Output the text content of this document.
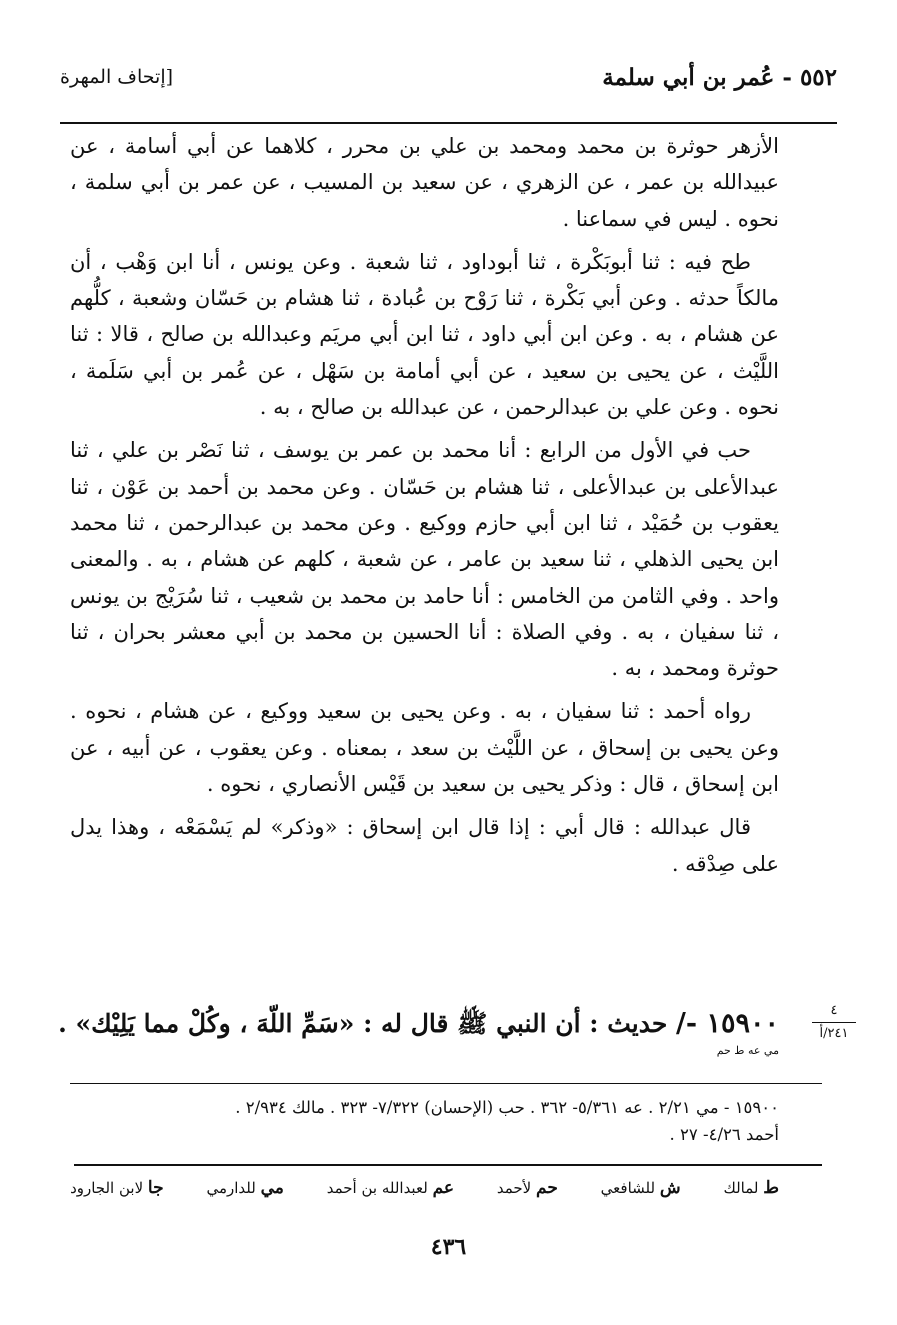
٥٥٢ - عُمر بن أبي سلمة
[إتحاف المهرة

الأزهر حوثرة بن محمد ومحمد بن علي بن محرر ، كلاهما عن أبي أسامة ، عن عبيدالله بن عمر ، عن الزهري ، عن سعيد بن المسيب ، عن عمر بن أبي سلمة ، نحوه . ليس في سماعنا .

طح فيه : ثنا أبوبَكْرة ، ثنا أبوداود ، ثنا شعبة . وعن يونس ، أنا ابن وَهْب ، أن مالكاً حدثه . وعن أبي بَكْرة ، ثنا رَوْح بن عُبادة ، ثنا هشام بن حَسّان وشعبة ، كلُّهم عن هشام ، به . وعن ابن أبي داود ، ثنا ابن أبي مريَم وعبدالله بن صالح ، قالا : ثنا اللَّيْث ، عن يحيى بن سعيد ، عن أبي أمامة بن سَهْل ، عن عُمر بن أبي سَلَمة ، نحوه . وعن علي بن عبدالرحمن ، عن عبدالله بن صالح ، به .

حب في الأول من الرابع : أنا محمد بن عمر بن يوسف ، ثنا نَصْر بن علي ، ثنا عبدالأعلى بن عبدالأعلى ، ثنا هشام بن حَسّان . وعن محمد بن أحمد بن عَوْن ، ثنا يعقوب بن حُمَيْد ، ثنا ابن أبي حازم ووكيع . وعن محمد بن عبدالرحمن ، ثنا محمد ابن يحيى الذهلي ، ثنا سعيد بن عامر ، عن شعبة ، كلهم عن هشام ، به . والمعنى واحد . وفي الثامن من الخامس : أنا حامد بن محمد بن شعيب ، ثنا سُرَيْج بن يونس ، ثنا سفيان ، به . وفي الصلاة : أنا الحسين بن محمد بن أبي معشر بحران ، ثنا حوثرة ومحمد ، به .

رواه أحمد : ثنا سفيان ، به . وعن يحيى بن سعيد ووكيع ، عن هشام ، نحوه . وعن يحيى بن إسحاق ، عن اللَّيْث بن سعد ، بمعناه . وعن يعقوب ، عن أبيه ، عن ابن إسحاق ، قال : وذكر يحيى بن سعيد بن قَيْس الأنصاري ، نحوه .

قال عبدالله : قال أبي : إذا قال ابن إسحاق : «وذكر» لم يَسْمَعْه ، وهذا يدل على صِدْقه .

١٥٩٠٠ -/ حديث : أن النبي ﷺ قال له : «سَمِّ اللّهَ ، وكُلْ مما يَلِيْك» .
مي عه ط حم
٤
٢٤١/أ
١٥٩٠٠ - مي ٢/٢١ . عه ٥/٣٦١- ٣٦٢ . حب (الإحسان) ٧/٣٢٢- ٣٢٣ . مالك ٢/٩٣٤ .
أحمد ٤/٢٦- ٢٧ .
ط لمالك
ش للشافعي
حم لأحمد
عم لعبدالله بن أحمد
مي للدارمي
جا لابن الجارود
٤٣٦
